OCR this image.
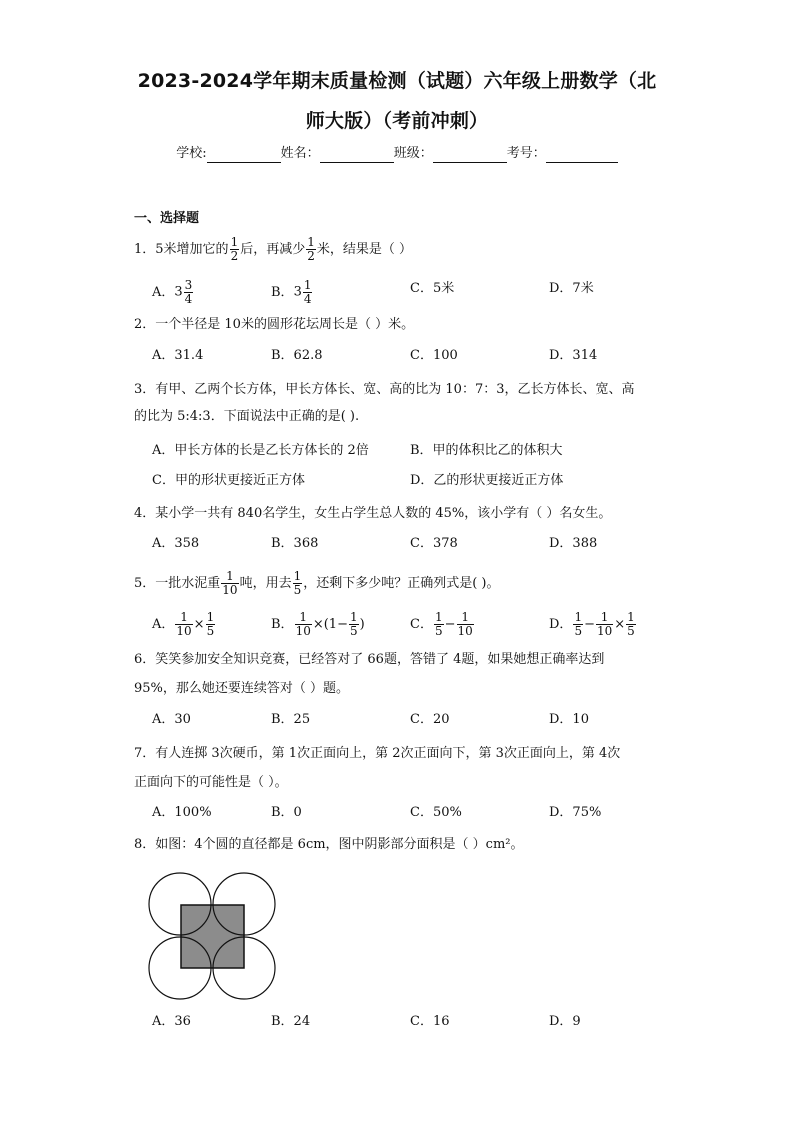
2023-2024学年期末质量检测（试题）六年级上册数学（北
师大版）（考前冲刺）
学校:	姓名：	班级：	考号：
一、选择题
1．5米增加它的 $\frac{1}{2}$ 后，再减少 $\frac{1}{2}$ 米，结果是（ ）
A．$3 \frac{3}{4}$	B．$3 \frac{1}{4}$	C．5米	D．7米
2．一个半径是 10米的圆形花坛周长是（ ）米。
A．31.4	B．62.8	C．100	D．314
3．有甲、乙两个长方体，甲长方体长、宽、高的比为 10：7：3，乙长方体长、宽、高
的比为 5:4:3．下面说法中正确的是( ).
A．甲长方体的长是乙长方体长的 2倍	B．甲的体积比乙的体积大
C．甲的形状更接近正方体	D．乙的形状更接近正方体
4．某小学一共有 840名学生，女生占学生总人数的 45%，该小学有（ ）名女生。
A．358	B．368	C．378	D．388
5．一批水泥重 $\frac{1}{10}$ 吨，用去 $\frac{1}{5}$ ，还剩下多少吨？正确列式是( )。
A． $\frac{1}{10} \times \frac{1}{5}$	B． $\frac{1}{10} \times(1- \frac{1}{5}$ )	C． $\frac{1}{5} - \frac{1}{10}$	D． $\frac{1}{5} - \frac{1}{10} \times \frac{1}{5}$
6．笑笑参加安全知识竞赛，已经答对了 66题，答错了 4题，如果她想正确率达到
95%，那么她还要连续答对（ ）题。
A．30	B．25	C．20	D．10
7．有人连掷 3次硬币，第 1次正面向上，第 2次正面向下，第 3次正面向上，第 4次
正面向下的可能性是（ ）。
A．100%	B．0	C．50%	D．75%
8．如图：4个圆的直径都是 6cm，图中阴影部分面积是（ ）cm²。
A．36	B．24	C．16	D．9
